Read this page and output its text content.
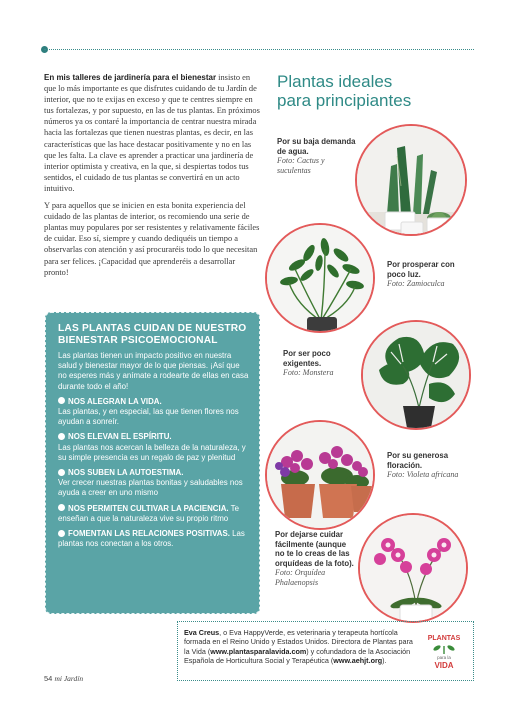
En mis talleres de jardinería para el bienestar insisto en que lo más importante es que disfrutes cuidando de tu Jardín de interior, que no te exijas en exceso y que te centres siempre en tus fortalezas, y por supuesto, en las de tus plantas. En próximos números ya os contaré la importancia de centrar nuestra mirada hacia las fortalezas que tienen nuestras plantas, es decir, en las características que las hace destacar positivamente y no en las que les falta. La clave es aprender a practicar una jardinería de interior optimista y creativa, en la que, si despiertas todos tus sentidos, el cuidado de tus plantas se convertirá en un acto intuitivo.

Y para aquellos que se inicien en esta bonita experiencia del cuidado de las plantas de interior, os recomiendo una serie de plantas muy populares por ser resistentes y relativamente fáciles de cuidar. Eso sí, siempre y cuando dediquéis un tiempo a observarlas con atención y así procuraréis todo lo que necesitan para ser felices. ¡Capacidad que aprenderéis a desarrollar pronto!

Plantas ideales
para principiantes
Por su baja demanda de agua.
Foto: Cactus y suculentas
Por prosperar con poco luz.
Foto: Zamioculca
Por ser poco exigentes.
Foto: Monstera
Por su generosa floración.
Foto: Violeta africana
Por dejarse cuidar fácilmente (aunque no te lo creas de las orquídeas de la foto).
Foto: Orquídea Phalaenopsis
LAS PLANTAS CUIDAN DE NUESTRO BIENESTAR PSICOEMOCIONAL

Las plantas tienen un impacto positivo en nuestra salud y bienestar mayor de lo que piensas. ¡Así que no esperes más y anímate a rodearte de ellas en casa durante todo el año!

NOS ALEGRAN LA VIDA.
Las plantas, y en especial, las que tienen flores nos ayudan a sonreír.
NOS ELEVAN EL ESPÍRITU.
Las plantas nos acercan la belleza de la naturaleza, y su simple presencia es un regalo de paz y plenitud
NOS SUBEN LA AUTOESTIMA.
Ver crecer nuestras plantas bonitas y saludables nos ayuda a creer en uno mismo
NOS PERMITEN CULTIVAR LA PACIENCIA. Te enseñan a que la naturaleza vive su propio ritmo
FOMENTAN LAS RELACIONES POSITIVAS. Las plantas nos conectan a los otros.
Eva Creus, o Eva HappyVerde, es veterinaria y terapeuta hortícola formada en el Reino Unido y Estados Unidos. Directora de Plantas para la Vida (www.plantasparalavida.com) y cofundadora de la Asociación Española de Horticultura Social y Terapéutica (www.aehjt.org).
PLANTAS
para la
VIDA
54 mi Jardín
